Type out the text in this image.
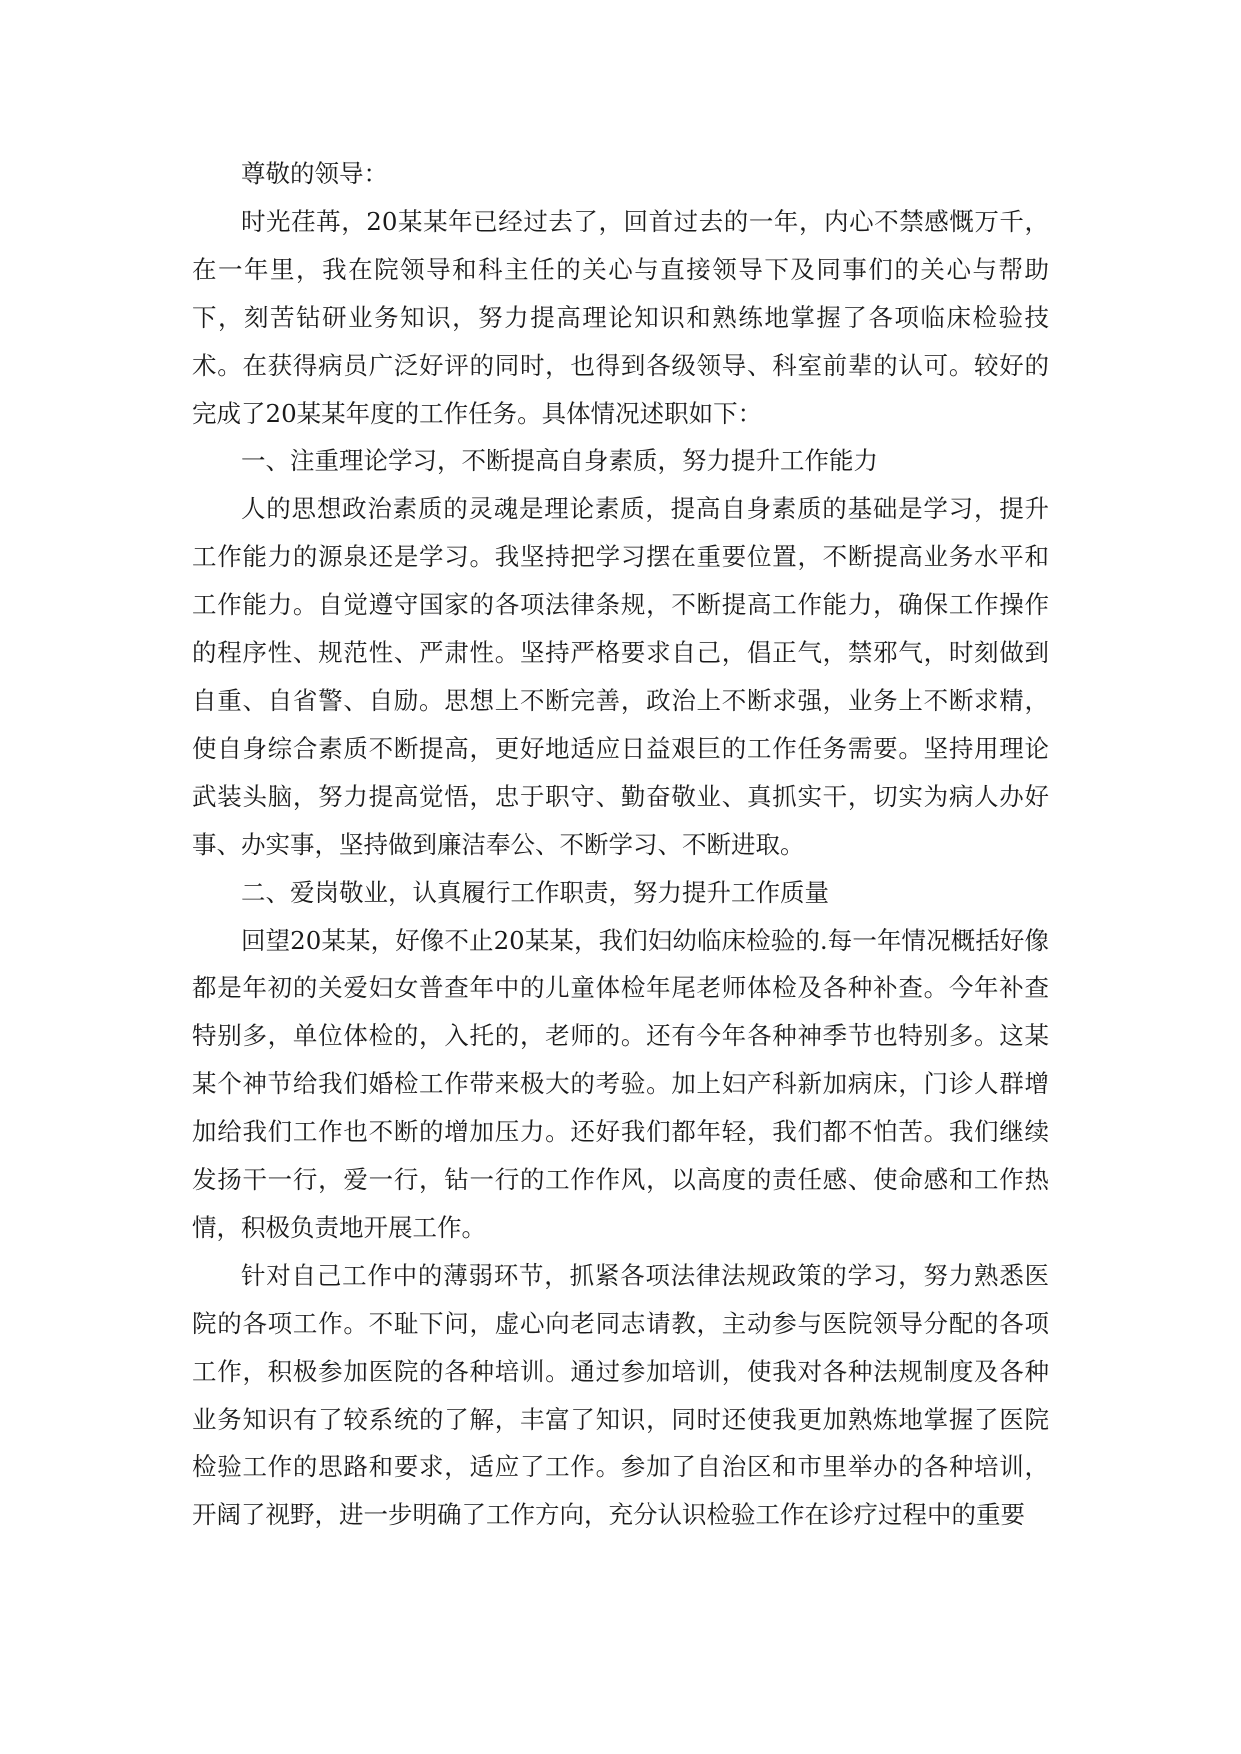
尊敬的领导：

时光荏苒，20某某年已经过去了，回首过去的一年，内心不禁感慨万千，在一年里，我在院领导和科主任的关心与直接领导下及同事们的关心与帮助下，刻苦钻研业务知识，努力提高理论知识和熟练地掌握了各项临床检验技术。在获得病员广泛好评的同时，也得到各级领导、科室前辈的认可。较好的完成了20某某年度的工作任务。具体情况述职如下：

一、注重理论学习，不断提高自身素质，努力提升工作能力

人的思想政治素质的灵魂是理论素质，提高自身素质的基础是学习，提升工作能力的源泉还是学习。我坚持把学习摆在重要位置，不断提高业务水平和工作能力。自觉遵守国家的各项法律条规，不断提高工作能力，确保工作操作的程序性、规范性、严肃性。坚持严格要求自己，倡正气，禁邪气，时刻做到自重、自省警、自励。思想上不断完善，政治上不断求强，业务上不断求精，使自身综合素质不断提高，更好地适应日益艰巨的工作任务需要。坚持用理论武装头脑，努力提高觉悟，忠于职守、勤奋敬业、真抓实干，切实为病人办好事、办实事，坚持做到廉洁奉公、不断学习、不断进取。

二、爱岗敬业，认真履行工作职责，努力提升工作质量

回望20某某，好像不止20某某，我们妇幼临床检验的.每一年情况概括好像都是年初的关爱妇女普查年中的儿童体检年尾老师体检及各种补查。今年补查特别多，单位体检的，入托的，老师的。还有今年各种神季节也特别多。这某某个神节给我们婚检工作带来极大的考验。加上妇产科新加病床，门诊人群增加给我们工作也不断的增加压力。还好我们都年轻，我们都不怕苦。我们继续发扬干一行，爱一行，钻一行的工作作风，以高度的责任感、使命感和工作热情，积极负责地开展工作。

针对自己工作中的薄弱环节，抓紧各项法律法规政策的学习，努力熟悉医院的各项工作。不耻下问，虚心向老同志请教，主动参与医院领导分配的各项工作，积极参加医院的各种培训。通过参加培训，使我对各种法规制度及各种业务知识有了较系统的了解，丰富了知识，同时还使我更加熟炼地掌握了医院检验工作的思路和要求，适应了工作。参加了自治区和市里举办的各种培训，开阔了视野，进一步明确了工作方向，充分认识检验工作在诊疗过程中的重要
